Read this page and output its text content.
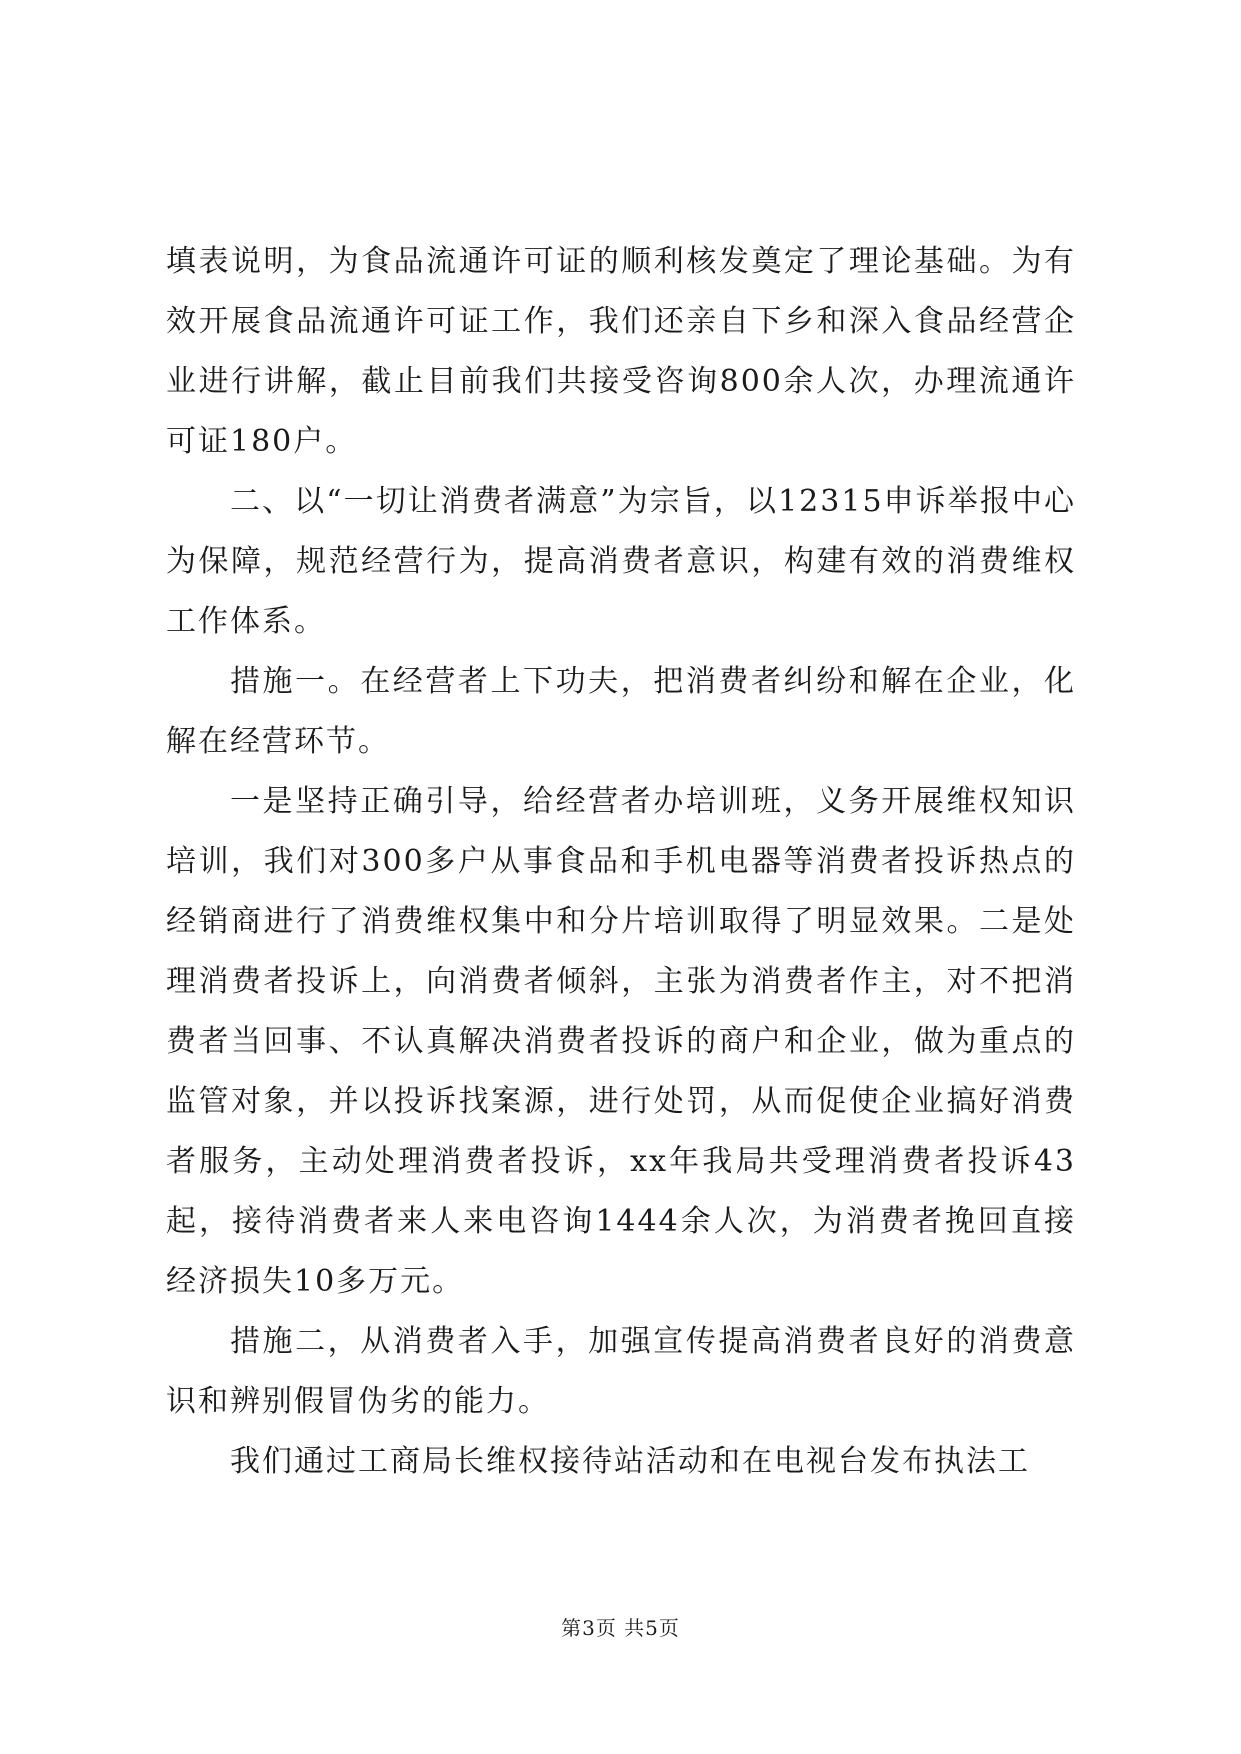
填表说明，为食品流通许可证的顺利核发奠定了理论基础。为有效开展食品流通许可证工作，我们还亲自下乡和深入食品经营企业进行讲解，截止目前我们共接受咨询800余人次，办理流通许可证180户。

二、以“一切让消费者满意”为宗旨，以12315申诉举报中心为保障，规范经营行为，提高消费者意识，构建有效的消费维权工作体系。

措施一。在经营者上下功夫，把消费者纠纷和解在企业，化解在经营环节。

一是坚持正确引导，给经营者办培训班，义务开展维权知识培训，我们对300多户从事食品和手机电器等消费者投诉热点的经销商进行了消费维权集中和分片培训取得了明显效果。二是处理消费者投诉上，向消费者倾斜，主张为消费者作主，对不把消费者当回事、不认真解决消费者投诉的商户和企业，做为重点的监管对象，并以投诉找案源，进行处罚，从而促使企业搞好消费者服务，主动处理消费者投诉，xx年我局共受理消费者投诉43起，接待消费者来人来电咨询1444余人次，为消费者挽回直接经济损失10多万元。

措施二，从消费者入手，加强宣传提高消费者良好的消费意识和辨别假冒伪劣的能力。

我们通过工商局长维权接待站活动和在电视台发布执法工

第3页 共5页
